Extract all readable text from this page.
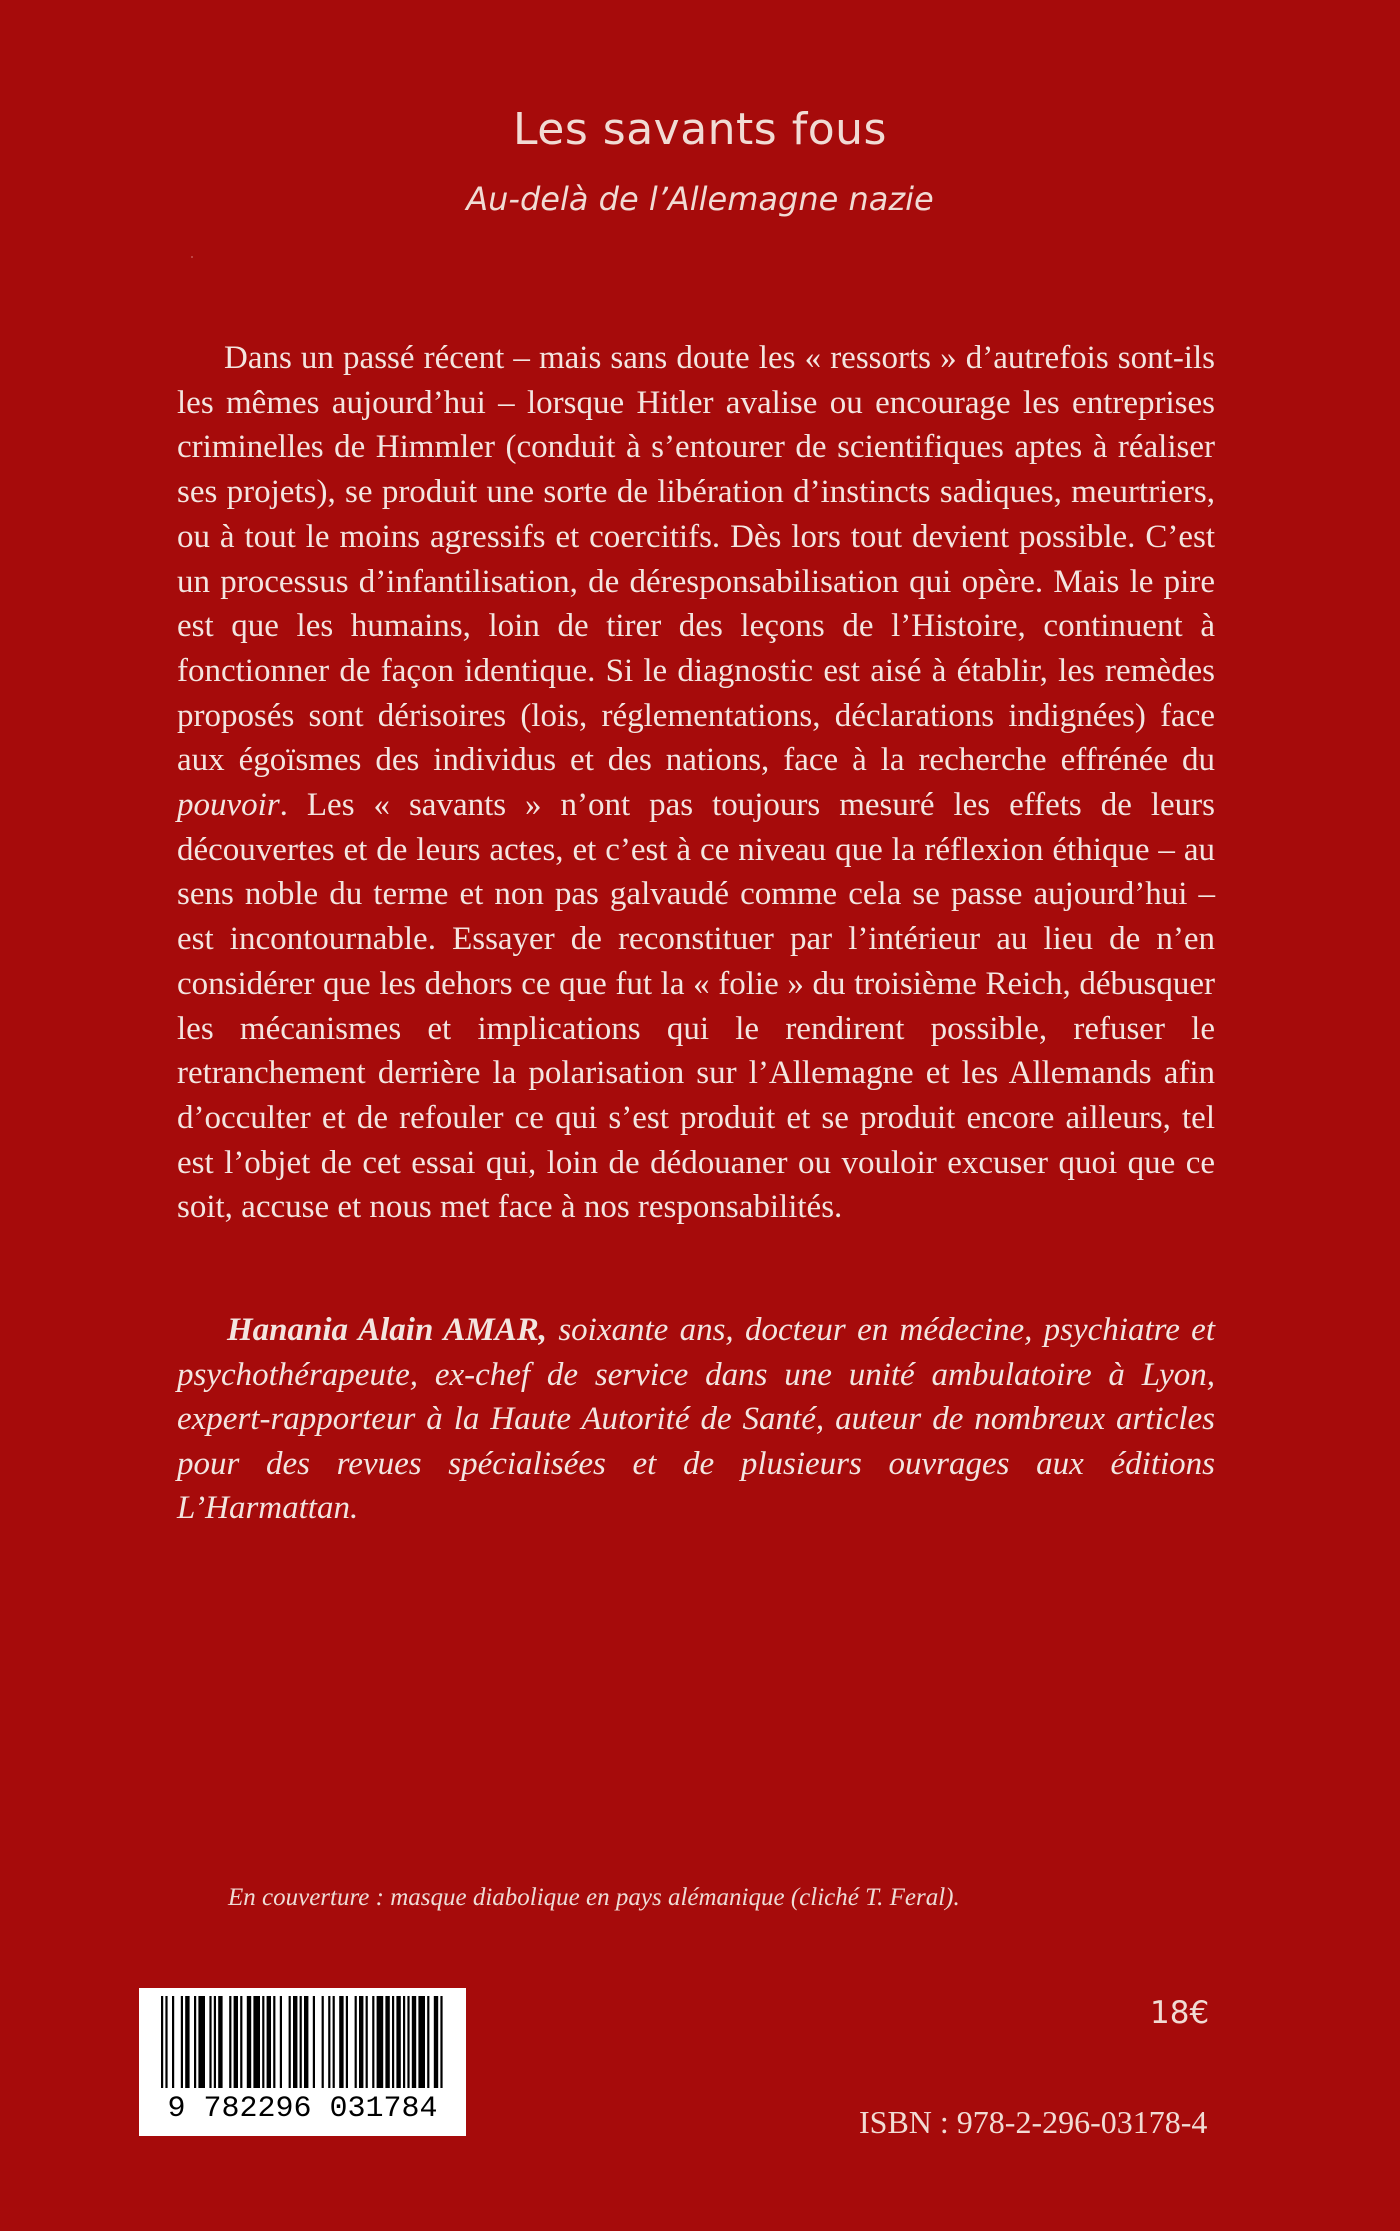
Les savants fous
Au-delà de l’Allemagne nazie

Dans un passé récent – mais sans doute les « ressorts » d’autrefois sont-ils les mêmes aujourd’hui – lorsque Hitler avalise ou encourage les entreprises criminelles de Himmler (conduit à s’entourer de scientifiques aptes à réaliser ses projets), se produit une sorte de libération d’instincts sadiques, meurtriers, ou à tout le moins agressifs et coercitifs. Dès lors tout devient possible. C’est un processus d’infantilisation, de déresponsabilisation qui opère. Mais le pire est que les humains, loin de tirer des leçons de l’Histoire, continuent à fonctionner de façon identique. Si le diagnostic est aisé à établir, les remèdes proposés sont dérisoires (lois, réglementations, déclarations indignées) face aux égoïsmes des individus et des nations, face à la recherche effrénée du pouvoir. Les « savants » n’ont pas toujours mesuré les effets de leurs découvertes et de leurs actes, et c’est à ce niveau que la réflexion éthique – au sens noble du terme et non pas galvaudé comme cela se passe aujourd’hui – est incontournable. Essayer de reconstituer par l’intérieur au lieu de n’en considérer que les dehors ce que fut la « folie » du troisième Reich, débusquer les mécanismes et implications qui le rendirent possible, refuser le retranchement derrière la polarisation sur l’Allemagne et les Allemands afin d’occulter et de refouler ce qui s’est produit et se produit encore ailleurs, tel est l’objet de cet essai qui, loin de dédouaner ou vouloir excuser quoi que ce soit, accuse et nous met face à nos responsabilités.

Hanania Alain AMAR, soixante ans, docteur en médecine, psychiatre et psychothérapeute, ex-chef de service dans une unité ambulatoire à Lyon, expert-rapporteur à la Haute Autorité de Santé, auteur de nombreux articles pour des revues spécialisées et de plusieurs ouvrages aux éditions L’Harmattan.

En couverture : masque diabolique en pays alémanique (cliché T. Feral).
9 782296 031784
18€
ISBN : 978-2-296-03178-4
